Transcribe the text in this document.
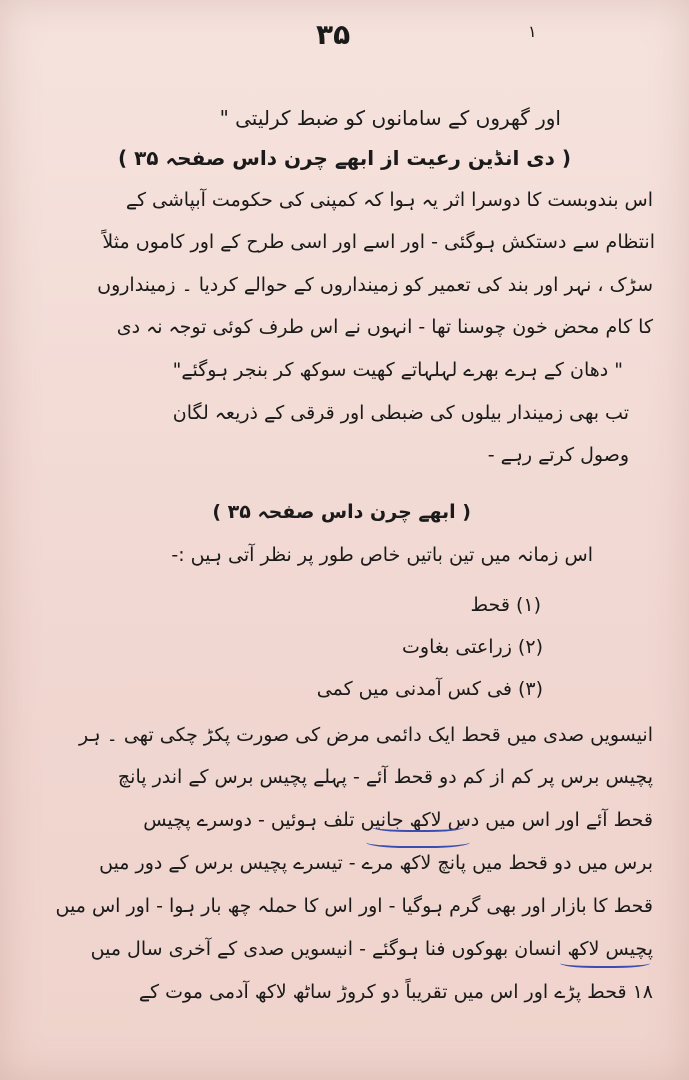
۳۵	۱
اور گھروں کے سامانوں کو ضبط کرلیتی "
( دی انڈین رعیت از ابھے چرن داس صفحہ ۳۵ )
اس بندوبست کا دوسرا اثر یہ ہوا کہ کمپنی کی حکومت آبپاشی کے
انتظام سے دستکش ہوگئی - اور اسے اور اسی طرح کے اور کاموں مثلاً
سڑک ، نہر اور بند کی تعمیر کو زمینداروں کے حوالے کردیا ۔ زمینداروں
کا کام محض خون چوسنا تھا - انہوں نے اس طرف کوئی توجہ نہ دی
" دھان کے ہرے بھرے لہلہاتے کھیت سوکھ کر بنجر ہوگئے"
تب بھی زمیندار بیلوں کی ضبطی اور قرقی کے ذریعہ لگان
وصول کرتے رہے -
( ابھے چرن داس صفحہ ۳۵ )
اس زمانہ میں تین باتیں خاص طور پر نظر آتی ہیں :-
(۱) قحط
(۲) زراعتی بغاوت
(۳) فی کس آمدنی میں کمی
انیسویں صدی میں قحط ایک دائمی مرض کی صورت پکڑ چکی تھی ۔ ہر
پچیس برس پر کم از کم دو قحط آئے - پہلے پچیس برس کے اندر پانچ
قحط آئے اور اس میں دس لاکھ جانیں تلف ہوئیں - دوسرے پچیس
برس میں دو قحط میں پانچ لاکھ مرے - تیسرے پچیس برس کے دور میں
قحط کا بازار اور بھی گرم ہوگیا - اور اس کا حملہ چھ بار ہوا - اور اس میں
پچیس لاکھ انسان بھوکوں فنا ہوگئے - انیسویں صدی کے آخری سال میں
۱۸ قحط پڑے اور اس میں تقریباً دو کروڑ ساٹھ لاکھ آدمی موت کے
